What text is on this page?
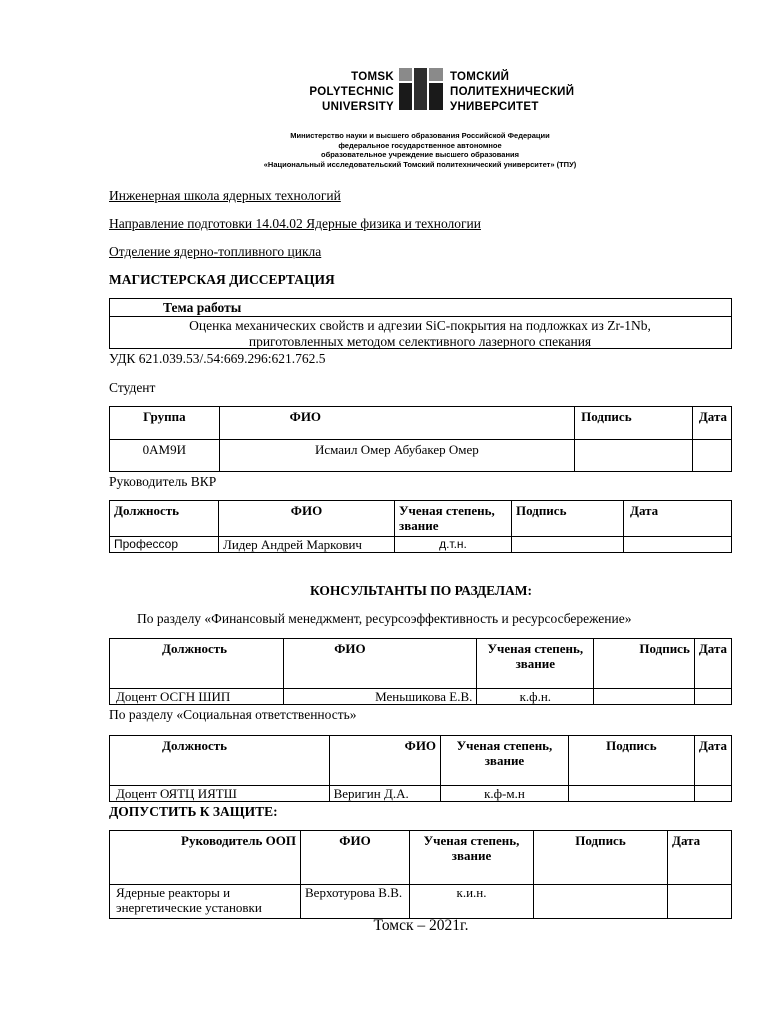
TOMSK
POLYTECHNIC
UNIVERSITY
ТОМСКИЙ
ПОЛИТЕХНИЧЕСКИЙ
УНИВЕРСИТЕТ
Министерство науки и высшего образования Российской Федерации
федеральное государственное автономное
образовательное учреждение высшего образования
«Национальный исследовательский Томский политехнический университет» (ТПУ)
Инженерная школа ядерных технологий
Направление подготовки 14.04.02 Ядерные физика и технологии
Отделение ядерно-топливного цикла
МАГИСТЕРСКАЯ ДИССЕРТАЦИЯ
Тема работы
Оценка механических свойств и адгезии SiC-покрытия на подложках из Zr-1Nb,
приготовленных методом селективного лазерного спекания
УДК 621.039.53/.54:669.296:621.762.5
Студент
Группа	ФИО	Подпись	Дата
0АМ9И	Исмаил Омер Абубакер Омер		
Руководитель ВКР
Должность	ФИО	Ученая степень, звание	Подпись	Дата
Профессор	Лидер Андрей Маркович	д.т.н.		
КОНСУЛЬТАНТЫ ПО РАЗДЕЛАМ:
По разделу «Финансовый менеджмент, ресурсоэффективность и ресурсосбережение»
Должность	ФИО	Ученая степень, звание	Подпись	Дата
Доцент ОСГН ШИП	Меньшикова Е.В.	к.ф.н.		
По разделу «Социальная ответственность»
Должность	ФИО	Ученая степень, звание	Подпись	Дата
Доцент ОЯТЦ ИЯТШ	Веригин Д.А.	к.ф-м.н		
ДОПУСТИТЬ К ЗАЩИТЕ:
Руководитель ООП	ФИО	Ученая степень, звание	Подпись	Дата
Ядерные реакторы и энергетические установки	Верхотурова В.В.	к.и.н.		
Томск – 2021г.
